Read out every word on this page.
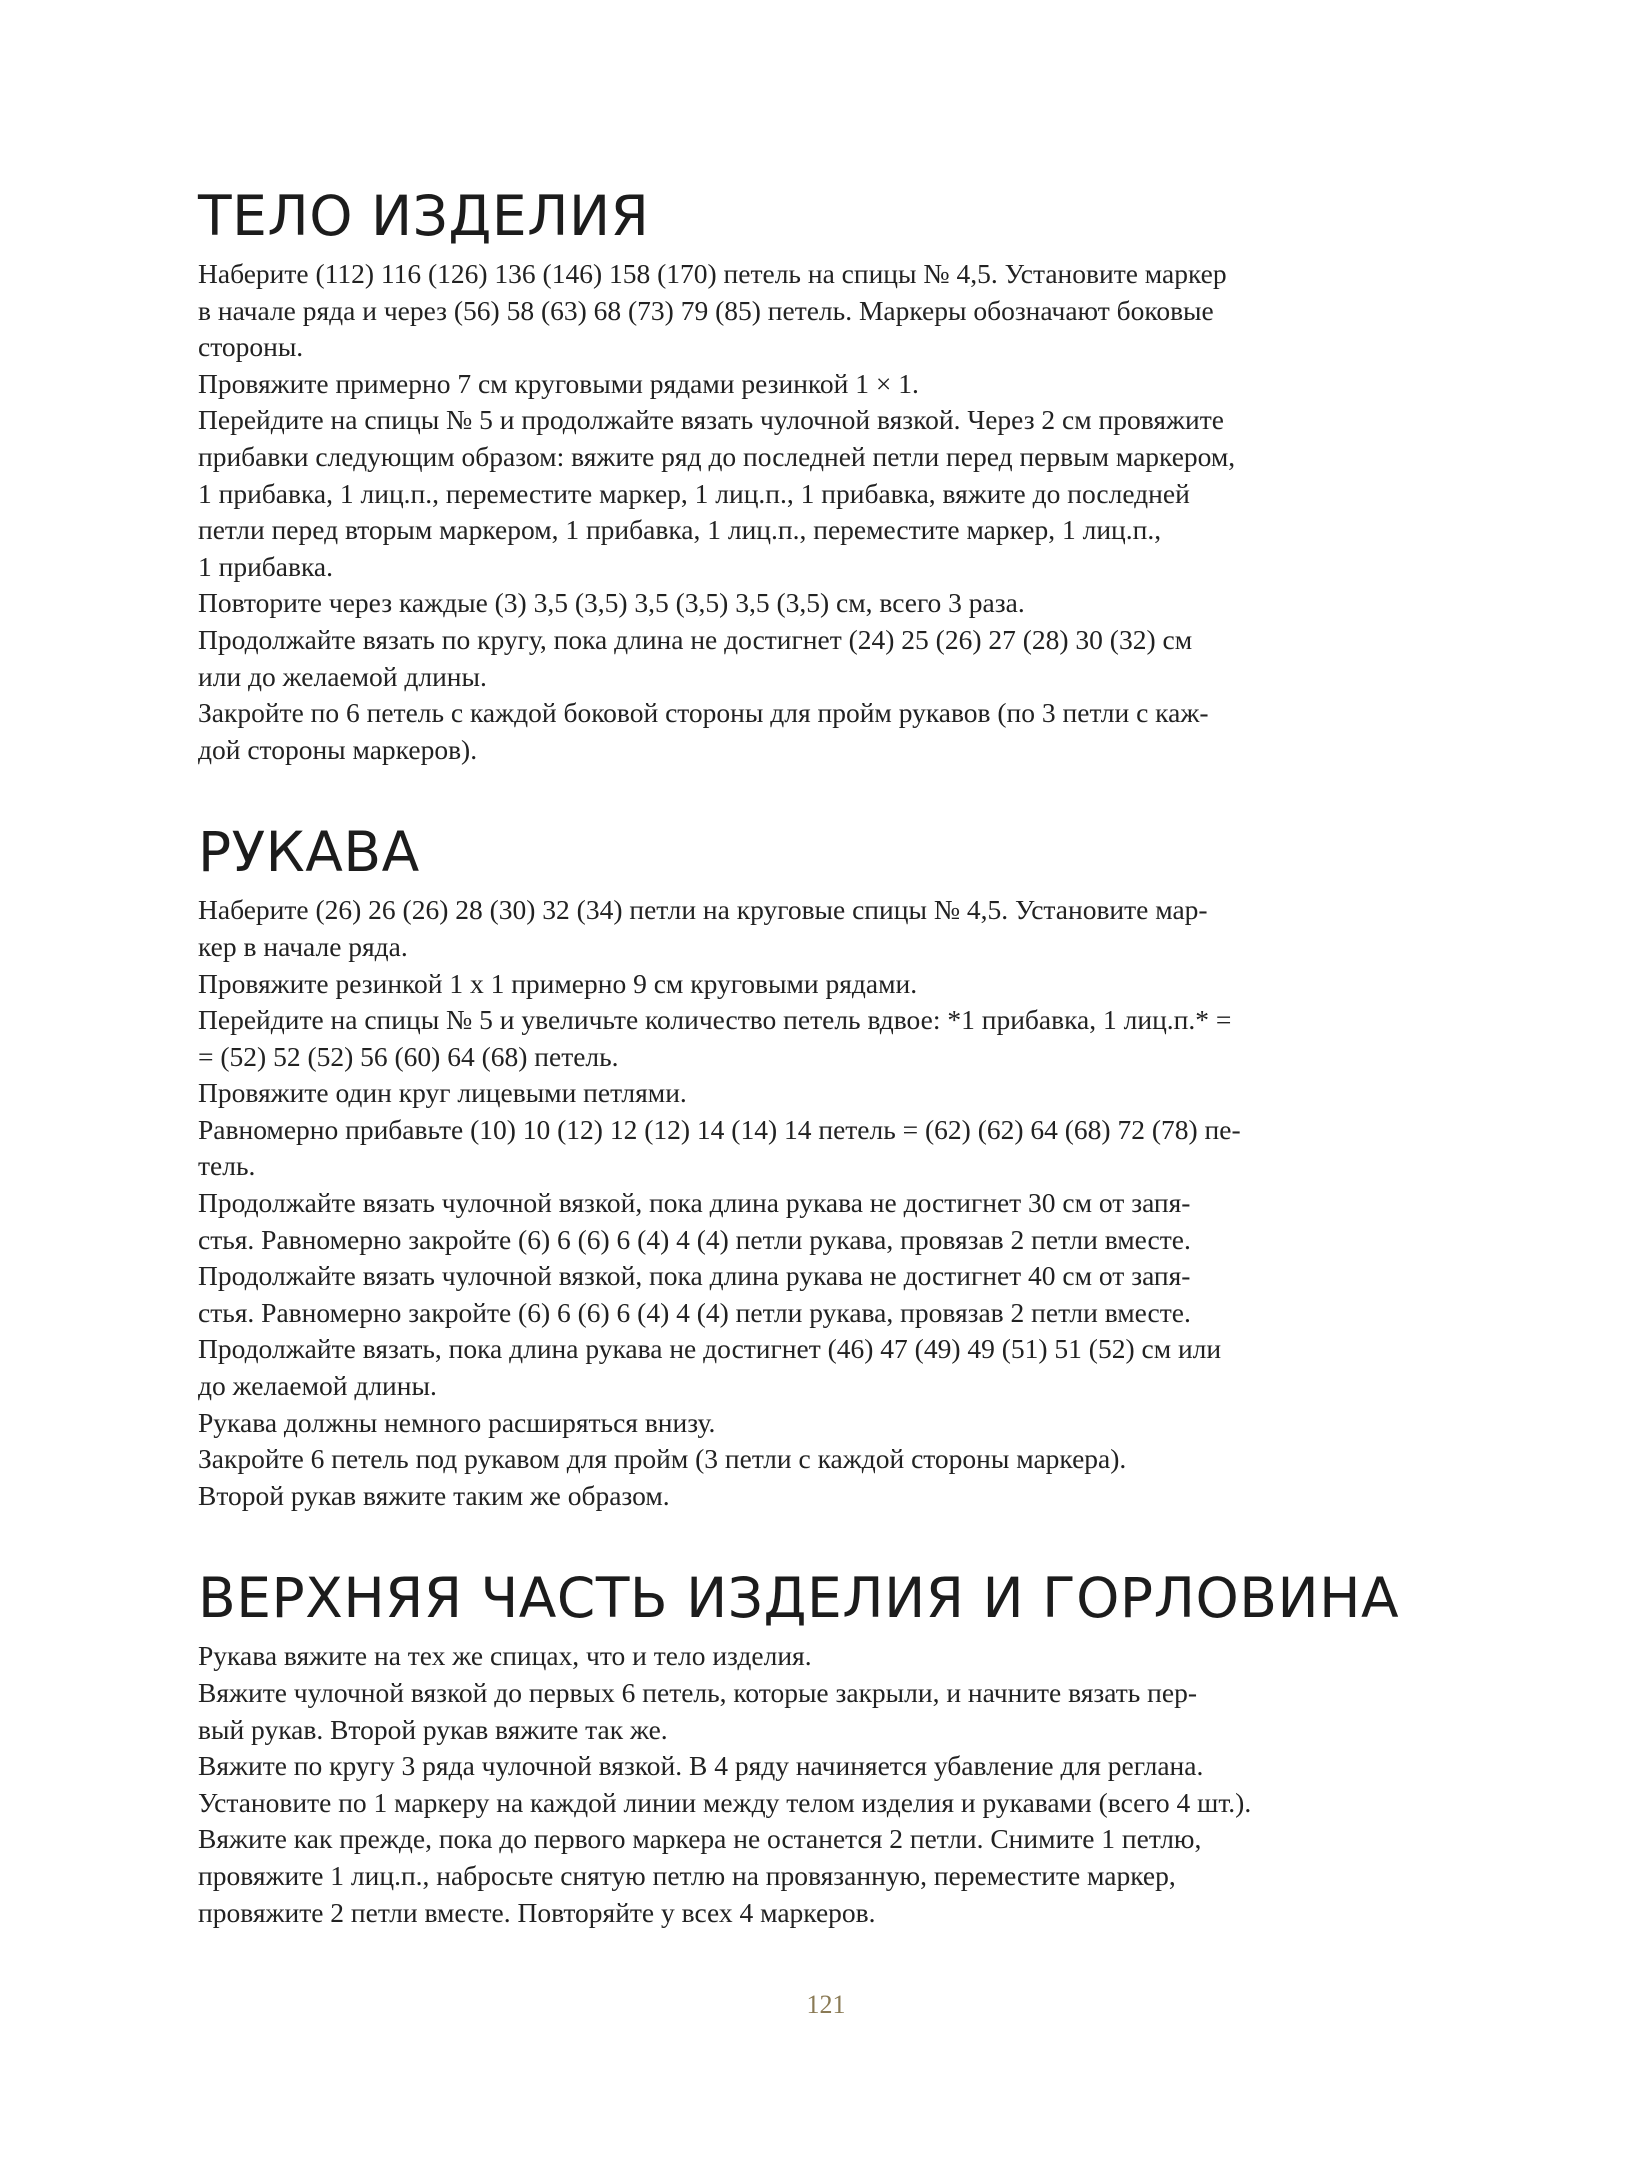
ТЕЛО ИЗДЕЛИЯ
Наберите (112) 116 (126) 136 (146) 158 (170) петель на спицы № 4,5. Установите маркер
в начале ряда и через (56) 58 (63) 68 (73) 79 (85) петель. Маркеры обозначают боковые
стороны.
Провяжите примерно 7 см круговыми рядами резинкой 1 × 1.
Перейдите на спицы № 5 и продолжайте вязать чулочной вязкой. Через 2 см провяжите
прибавки следующим образом: вяжите ряд до последней петли перед первым маркером,
1 прибавка, 1 лиц.п., переместите маркер, 1 лиц.п., 1 прибавка, вяжите до последней
петли перед вторым маркером, 1 прибавка, 1 лиц.п., переместите маркер, 1 лиц.п.,
1 прибавка.
Повторите через каждые (3) 3,5 (3,5) 3,5 (3,5) 3,5 (3,5) см, всего 3 раза.
Продолжайте вязать по кругу, пока длина не достигнет (24) 25 (26) 27 (28) 30 (32) см
или до желаемой длины.
Закройте по 6 петель с каждой боковой стороны для пройм рукавов (по 3 петли с каж-
дой стороны маркеров).
РУКАВА
Наберите (26) 26 (26) 28 (30) 32 (34) петли на круговые спицы № 4,5. Установите мар-
кер в начале ряда.
Провяжите резинкой 1 х 1 примерно 9 см круговыми рядами.
Перейдите на спицы № 5 и увеличьте количество петель вдвое: *1 прибавка, 1 лиц.п.* =
= (52) 52 (52) 56 (60) 64 (68) петель.
Провяжите один круг лицевыми петлями.
Равномерно прибавьте (10) 10 (12) 12 (12) 14 (14) 14 петель = (62) (62) 64 (68) 72 (78) пе-
тель.
Продолжайте вязать чулочной вязкой, пока длина рукава не достигнет 30 см от запя-
стья. Равномерно закройте (6) 6 (6) 6 (4) 4 (4) петли рукава, провязав 2 петли вместе.
Продолжайте вязать чулочной вязкой, пока длина рукава не достигнет 40 см от запя-
стья. Равномерно закройте (6) 6 (6) 6 (4) 4 (4) петли рукава, провязав 2 петли вместе.
Продолжайте вязать, пока длина рукава не достигнет (46) 47 (49) 49 (51) 51 (52) см или
до желаемой длины.
Рукава должны немного расширяться внизу.
Закройте 6 петель под рукавом для пройм (3 петли с каждой стороны маркера).
Второй рукав вяжите таким же образом.
ВЕРХНЯЯ ЧАСТЬ ИЗДЕЛИЯ И ГОРЛОВИНА
Рукава вяжите на тех же спицах, что и тело изделия.
Вяжите чулочной вязкой до первых 6 петель, которые закрыли, и начните вязать пер-
вый рукав. Второй рукав вяжите так же.
Вяжите по кругу 3 ряда чулочной вязкой. В 4 ряду начиняется убавление для реглана.
Установите по 1 маркеру на каждой линии между телом изделия и рукавами (всего 4 шт.).
Вяжите как прежде, пока до первого маркера не останется 2 петли. Снимите 1 петлю,
провяжите 1 лиц.п., набросьте снятую петлю на провязанную, переместите маркер,
провяжите 2 петли вместе. Повторяйте у всех 4 маркеров.
121
